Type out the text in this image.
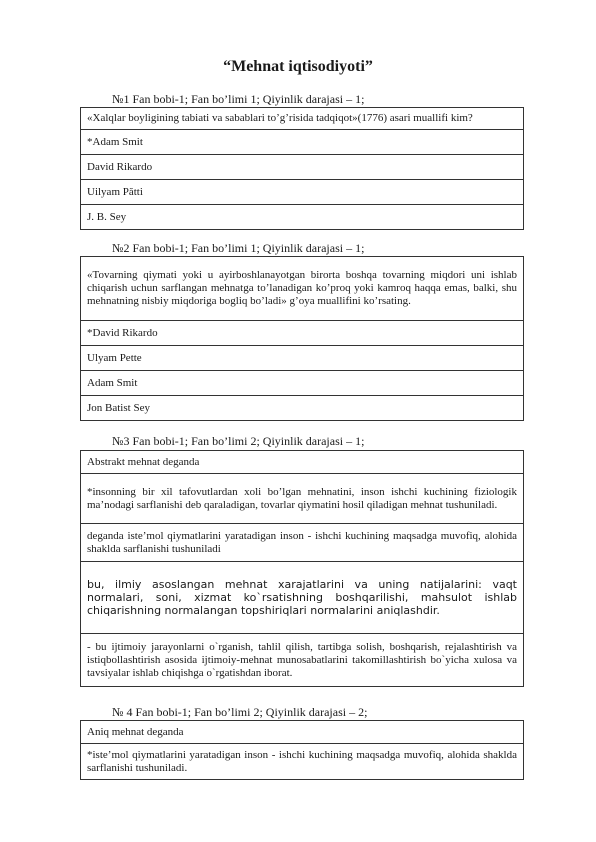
“Mehnat iqtisodiyoti”
№1 Fan bobi-1; Fan bo’limi 1; Qiyinlik darajasi – 1;
«Xalqlar boyligining tabiati va sabablari to’g’risida tadqiqot»(1776) asari muallifi kim?
*Adam Smit
David Rikardo
Uilyam Pătti
J. B. Sey
№2 Fan bobi-1; Fan bo’limi 1; Qiyinlik darajasi – 1;
«Tovarning qiymati yoki u ayirboshlanayotgan birorta boshqa tovarning miqdori uni ishlab chiqarish uchun sarflangan mehnatga to’lanadigan ko’proq yoki kamroq haqqa emas, balki, shu mehnatning nisbiy miqdoriga bogliq bo’ladi» g’oya muallifini ko’rsating.
*David Rikardo
Ulyam Pette
Adam Smit
Jon Batist Sey
№3 Fan bobi-1; Fan bo’limi 2; Qiyinlik darajasi – 1;
Abstrakt mehnat deganda
*insonning bir xil tafovutlardan xoli bo’lgan mehnatini, inson ishchi kuchining fiziologik ma’nodagi sarflanishi deb qaraladigan, tovarlar qiymatini hosil qiladigan mehnat tushuniladi.
deganda iste’mol qiymatlarini yaratadigan inson - ishchi kuchining maqsadga muvofiq, alohida shaklda sarflanishi tushuniladi
bu, ilmiy asoslangan mehnat xarajatlarini va uning natijalarini: vaqt normalari, soni, xizmat ko`rsatishning boshqarilishi, mahsulot ishlab chiqarishning normalangan topshiriqlari normalarini aniqlashdir.
- bu ijtimoiy jarayonlarni o`rganish, tahlil qilish, tartibga solish, boshqarish, rejalashtirish va istiqbollashtirish asosida ijtimoiy-mehnat munosabatlarini takomillashtirish bo`yicha xulosa va tavsiyalar ishlab chiqishga o`rgatishdan iborat.
№ 4 Fan bobi-1; Fan bo’limi 2; Qiyinlik darajasi – 2;
Aniq mehnat deganda
*iste’mol qiymatlarini yaratadigan inson - ishchi kuchining maqsadga muvofiq, alohida shaklda sarflanishi tushuniladi.
